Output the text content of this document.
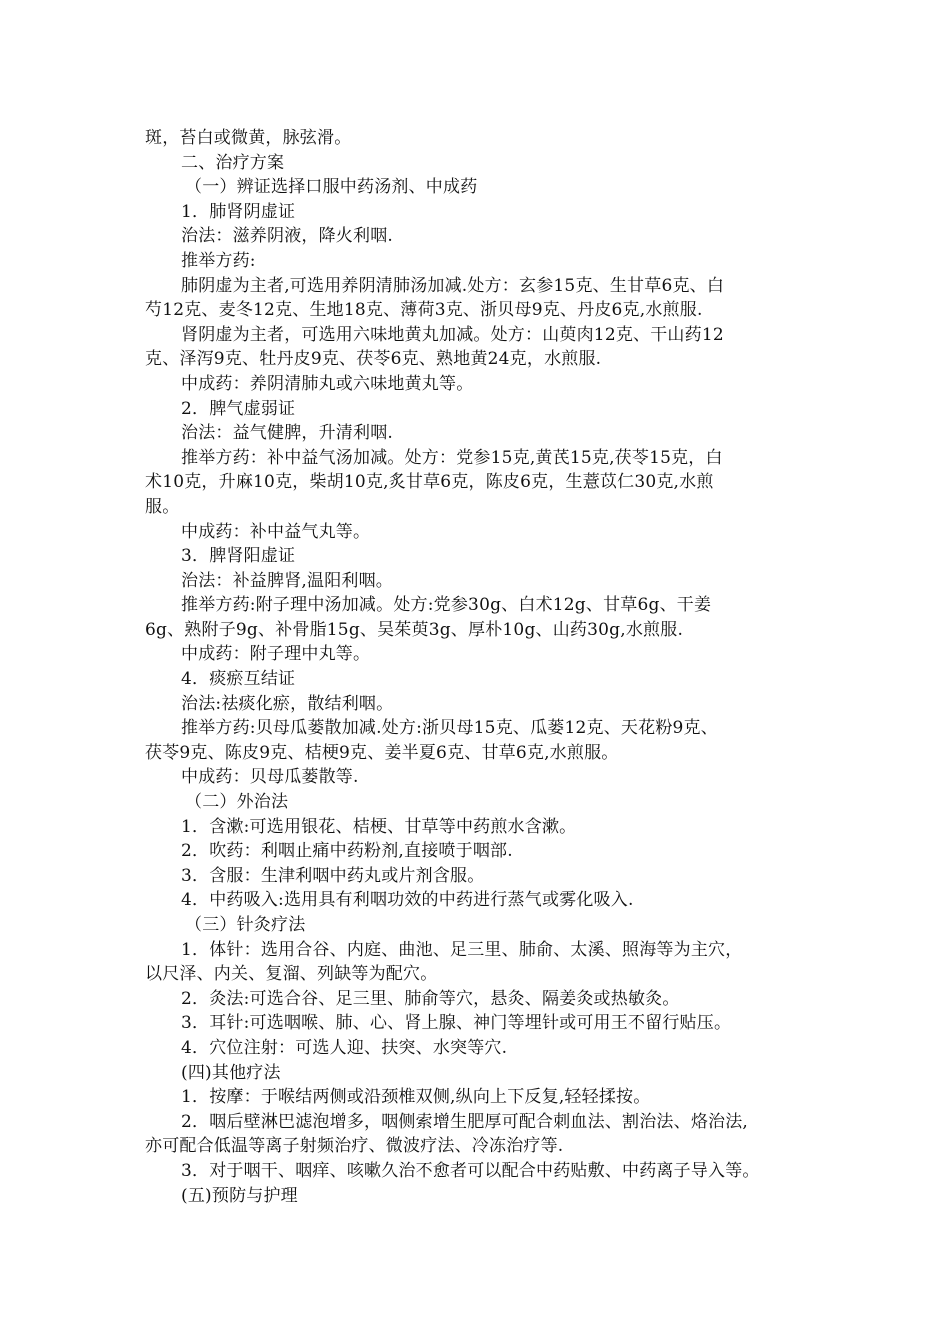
斑，苔白或微黄，脉弦滑。

二、治疗方案

（一）辨证选择口服中药汤剂、中成药

1．肺肾阴虚证

治法：滋养阴液，降火利咽.

推举方药:

肺阴虚为主者,可选用养阴清肺汤加减.处方：玄参15克、生甘草6克、白

芍12克、麦冬12克、生地18克、薄荷3克、浙贝母9克、丹皮6克,水煎服.

肾阴虚为主者，可选用六味地黄丸加减。处方：山萸肉12克、干山药12

克、泽泻9克、牡丹皮9克、茯苓6克、熟地黄24克，水煎服.

中成药：养阴清肺丸或六味地黄丸等。

2．脾气虚弱证

治法：益气健脾，升清利咽.

推举方药：补中益气汤加减。处方：党参15克,黄芪15克,茯苓15克，白

术10克，升麻10克，柴胡10克,炙甘草6克，陈皮6克，生薏苡仁30克,水煎

服。

中成药：补中益气丸等。

3．脾肾阳虚证

治法：补益脾肾,温阳利咽。

推举方药:附子理中汤加减。处方:党参30g、白术12g、甘草6g、干姜

6g、熟附子9g、补骨脂15g、吴茱萸3g、厚朴10g、山药30g,水煎服.

中成药：附子理中丸等。

4．痰瘀互结证

治法:祛痰化瘀，散结利咽。

推举方药:贝母瓜蒌散加减.处方:浙贝母15克、瓜蒌12克、天花粉9克、

茯苓9克、陈皮9克、桔梗9克、姜半夏6克、甘草6克,水煎服。

中成药：贝母瓜蒌散等.

（二）外治法

1．含漱:可选用银花、桔梗、甘草等中药煎水含漱。

2．吹药：利咽止痛中药粉剂,直接喷于咽部.

3．含服：生津利咽中药丸或片剂含服。

4．中药吸入:选用具有利咽功效的中药进行蒸气或雾化吸入.

（三）针灸疗法

1．体针：选用合谷、内庭、曲池、足三里、肺俞、太溪、照海等为主穴，

以尺泽、内关、复溜、列缺等为配穴。

2．灸法:可选合谷、足三里、肺俞等穴，悬灸、隔姜灸或热敏灸。

3．耳针:可选咽喉、肺、心、肾上腺、神门等埋针或可用王不留行贴压。

4．穴位注射：可选人迎、扶突、水突等穴.

(四)其他疗法

1．按摩：于喉结两侧或沿颈椎双侧,纵向上下反复,轻轻揉按。

2．咽后壁淋巴滤泡增多，咽侧索增生肥厚可配合刺血法、割治法、烙治法,

亦可配合低温等离子射频治疗、微波疗法、冷冻治疗等.

3．对于咽干、咽痒、咳嗽久治不愈者可以配合中药贴敷、中药离子导入等。

(五)预防与护理
